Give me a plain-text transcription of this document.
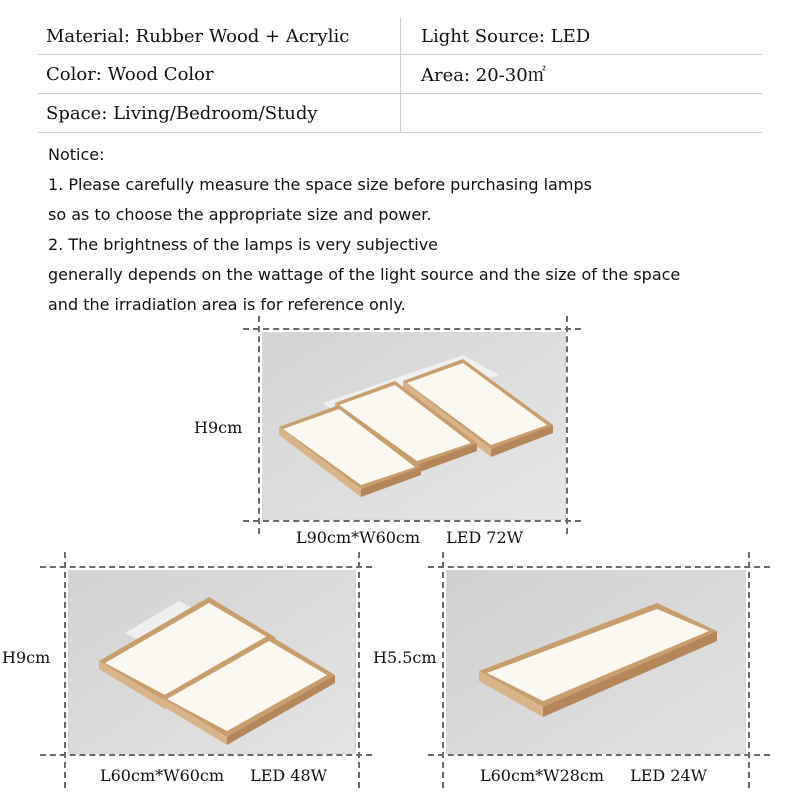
Material: Rubber Wood + Acrylic	Light Source: LED
Color: Wood Color	Area: 20-30㎡
Space: Living/Bedroom/Study
Notice:
1. Please carefully measure the space size before purchasing lamps
so as to choose the appropriate size and power.
2. The brightness of the lamps is very subjective
generally depends on the wattage of the light source and the size of the space
and the irradiation area is for reference only.
H9cm
L90cm*W60cm LED 72W
H9cm
L60cm*W60cm LED 48W
H5.5cm
L60cm*W28cm LED 24W
